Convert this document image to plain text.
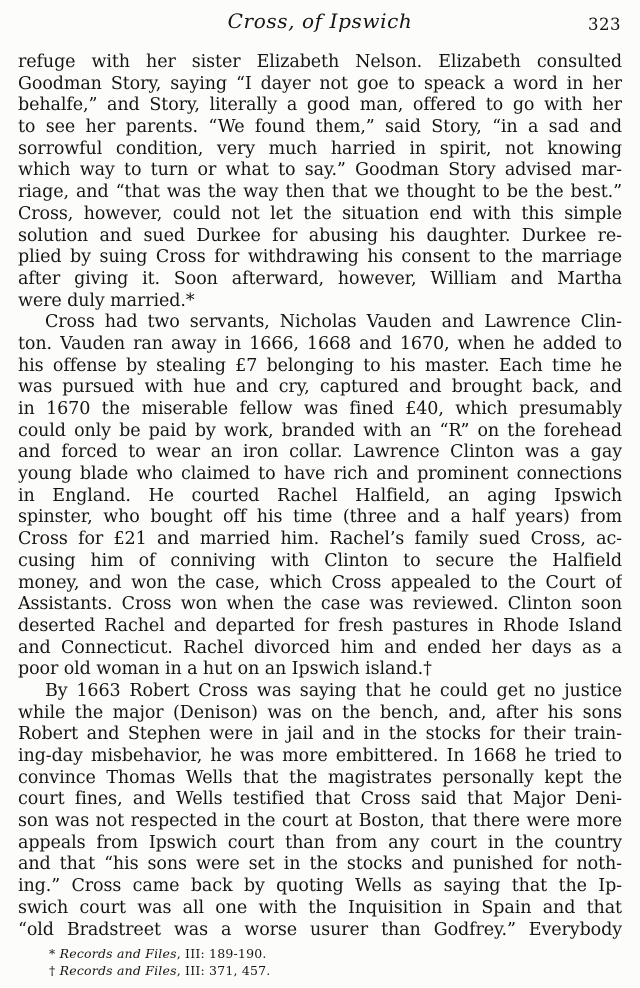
Cross, of Ipswich	323
refuge with her sister Elizabeth Nelson. Elizabeth consulted
Goodman Story, saying “I dayer not goe to speack a word in her
behalfe,” and Story, literally a good man, offered to go with her
to see her parents. “We found them,” said Story, “in a sad and
sorrowful condition, very much harried in spirit, not knowing
which way to turn or what to say.” Goodman Story advised mar-
riage, and “that was the way then that we thought to be the best.”
Cross, however, could not let the situation end with this simple
solution and sued Durkee for abusing his daughter. Durkee re-
plied by suing Cross for withdrawing his consent to the marriage
after giving it. Soon afterward, however, William and Martha
were duly married.*
Cross had two servants, Nicholas Vauden and Lawrence Clin-
ton. Vauden ran away in 1666, 1668 and 1670, when he added to
his offense by stealing £7 belonging to his master. Each time he
was pursued with hue and cry, captured and brought back, and
in 1670 the miserable fellow was fined £40, which presumably
could only be paid by work, branded with an “R” on the forehead
and forced to wear an iron collar. Lawrence Clinton was a gay
young blade who claimed to have rich and prominent connections
in England. He courted Rachel Halfield, an aging Ipswich
spinster, who bought off his time (three and a half years) from
Cross for £21 and married him. Rachel’s family sued Cross, ac-
cusing him of conniving with Clinton to secure the Halfield
money, and won the case, which Cross appealed to the Court of
Assistants. Cross won when the case was reviewed. Clinton soon
deserted Rachel and departed for fresh pastures in Rhode Island
and Connecticut. Rachel divorced him and ended her days as a
poor old woman in a hut on an Ipswich island.†
By 1663 Robert Cross was saying that he could get no justice
while the major (Denison) was on the bench, and, after his sons
Robert and Stephen were in jail and in the stocks for their train-
ing-day misbehavior, he was more embittered. In 1668 he tried to
convince Thomas Wells that the magistrates personally kept the
court fines, and Wells testified that Cross said that Major Deni-
son was not respected in the court at Boston, that there were more
appeals from Ipswich court than from any court in the country
and that “his sons were set in the stocks and punished for noth-
ing.” Cross came back by quoting Wells as saying that the Ip-
swich court was all one with the Inquisition in Spain and that
“old Bradstreet was a worse usurer than Godfrey.” Everybody
* Records and Files, III: 189-190.
† Records and Files, III: 371, 457.
